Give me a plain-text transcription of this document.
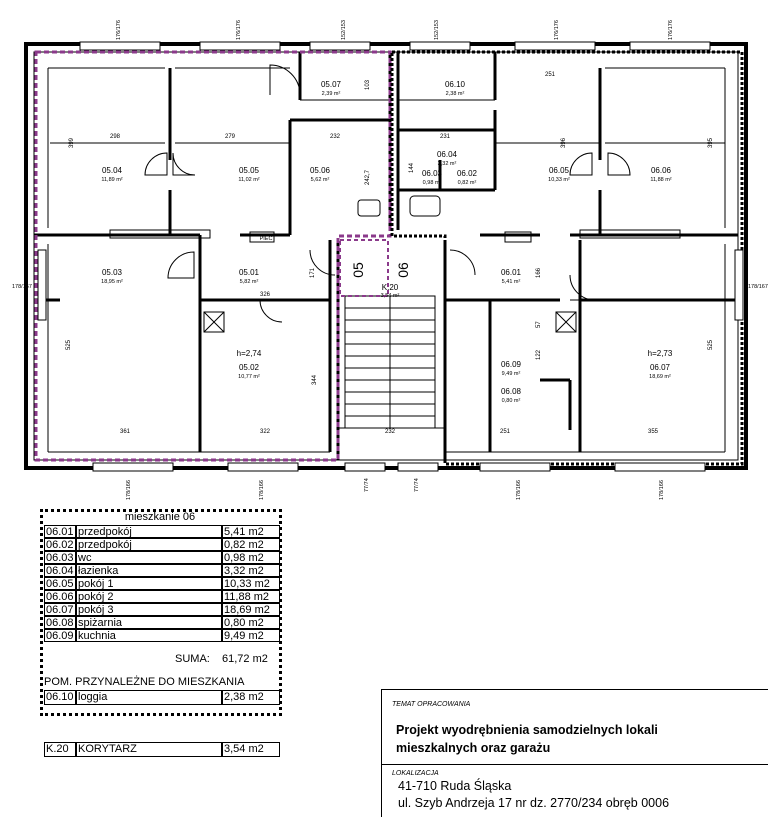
298	279	232	231
251
326
361	322	232	251	355
399	396	395
525	525
344
242,7
171	166
122
103
144
57
176/176	176/176	152/153	152/153	176/176	176/176
178/166	178/166	77/74	77/74	178/166	178/166
178/167	178/167
05.04
11,89 m²
05.05
11,02 m²
05.06
5,62 m²
05.07
2,39 m²
05.03
18,95 m²
05.01
5,82 m²
05.02
10,77 m²
06.10
2,38 m²
06.04
3,32 m²
06.03
0,98 m²
06.02
0,82 m²
06.05
10,33 m²
06.06
11,88 m²
06.01
5,41 m²
06.09
9,49 m²
06.08
0,80 m²
06.07
18,69 m²
K.20
3,54 m²
h=2,74	h=2,73
PIEC
05 06
mieszkanie 06
06.01 przedpokój	5,41 m2
06.02 przedpokój	0,82 m2
06.03 wc	0,98 m2
06.04 łazienka	3,32 m2
06.05 pokój 1	10,33 m2
06.06 pokój 2	11,88 m2
06.07 pokój 3	18,69 m2
06.08 spiżarnia	0,80 m2
06.09 kuchnia	9,49 m2
SUMA: 61,72 m2
POM. PRZYNALEŻNE DO MIESZKANIA
06.10 loggia	2,38 m2
K.20 KORYTARZ	3,54 m2
TEMAT OPRACOWANIA
Projekt wyodrębnienia samodzielnych lokali
mieszkalnych oraz garażu
LOKALIZACJA
41-710 Ruda Śląska
ul. Szyb Andrzeja 17 nr dz. 2770/234 obręb 0006
